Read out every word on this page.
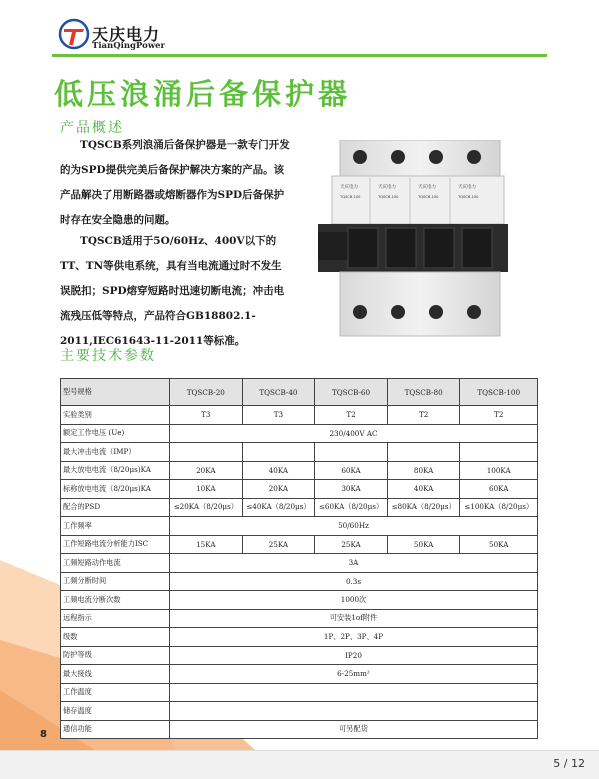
天庆电力
TianQingPower
低压浪涌后备保护器
产品概述
TQSCB系列浪涌后备保护器是一款专门开发的为SPD提供完美后备保护解决方案的产品。该产品解决了用断路器或熔断器作为SPD后备保护时存在安全隐患的问题。
TQSCB适用于5O/60Hz、400V以下的TT、TN等供电系统，具有当电流通过时不发生误脱扣；SPD熔穿短路时迅速切断电流；冲击电流残压低等特点，产品符合GB18802.1-2011,IEC61643-11-2011等标准。
天庆电力	天庆电力	天庆电力	天庆电力
TQSCB-100	TQSCB-100	TQSCB-100	TQSCB-100
主要技术参数
型号规格	TQSCB-20	TQSCB-40	TQSCB-60	TQSCB-80	TQSCB-100
实验类别	T3	T3	T2	T2	T2
额定工作电压 (Ue)	230/400V AC				
最大冲击电流（IMP）					
最大放电电流（8/20μs)KA	20KA	40KA	60KA	80KA	100KA
标称放电电流（8/20μs)KA	10KA	20KA	30KA	40KA	60KA
配合的PSD	≤20KA（8/20μs）	≤40KA（8/20μs）	≤60KA（8/20μs）	≤80KA（8/20μs）	≤100KA（8/20μs）
工作频率	50/60Hz				
工作短路电流分析能力ISC	15KA	25KA	25KA	50KA	50KA
工频短路动作电流	3A				
工频分断时间	0.3s				
工频电流分断次数	1000次				
远程指示	可安装1of附件				
级数	1P、2P、3P、4P				
防护等级	IP20				
最大接线	6-25mm²				
工作温度					
储存温度					
通信功能	可另配货				
8
5 / 12
